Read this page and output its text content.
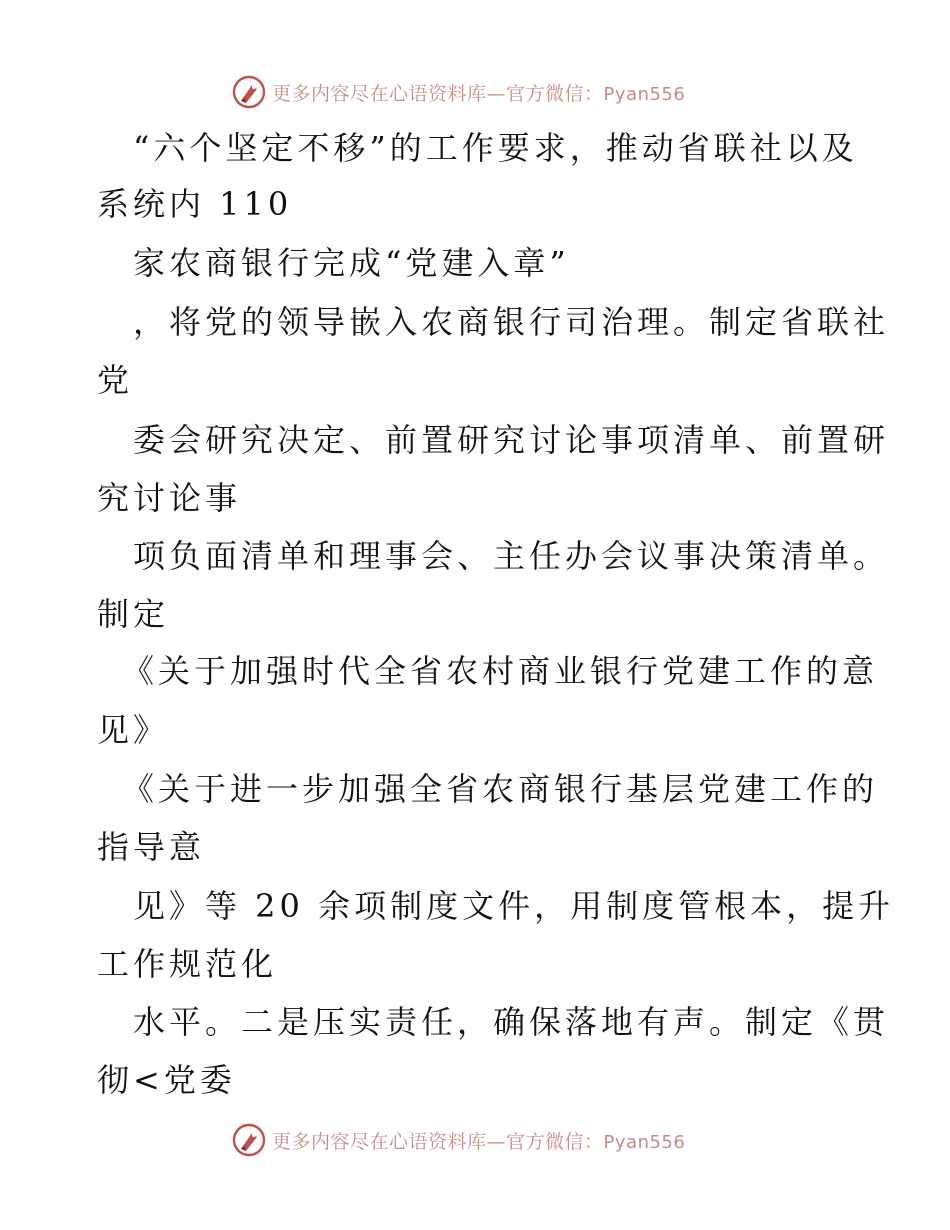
更多内容尽在心语资料库—官方微信：Pyan556
“六个坚定不移”的工作要求，推动省联社以及
系统内 110
家农商银行完成“党建入章”
，将党的领导嵌入农商银行司治理。制定省联社
党
委会研究决定、前置研究讨论事项清单、前置研
究讨论事
项负面清单和理事会、主任办会议事决策清单。
制定
《关于加强时代全省农村商业银行党建工作的意
见》
《关于进一步加强全省农商银行基层党建工作的
指导意
见》等 20 余项制度文件，用制度管根本，提升
工作规范化
水平。二是压实责任，确保落地有声。制定《贯
彻<党委
更多内容尽在心语资料库—官方微信：Pyan556
